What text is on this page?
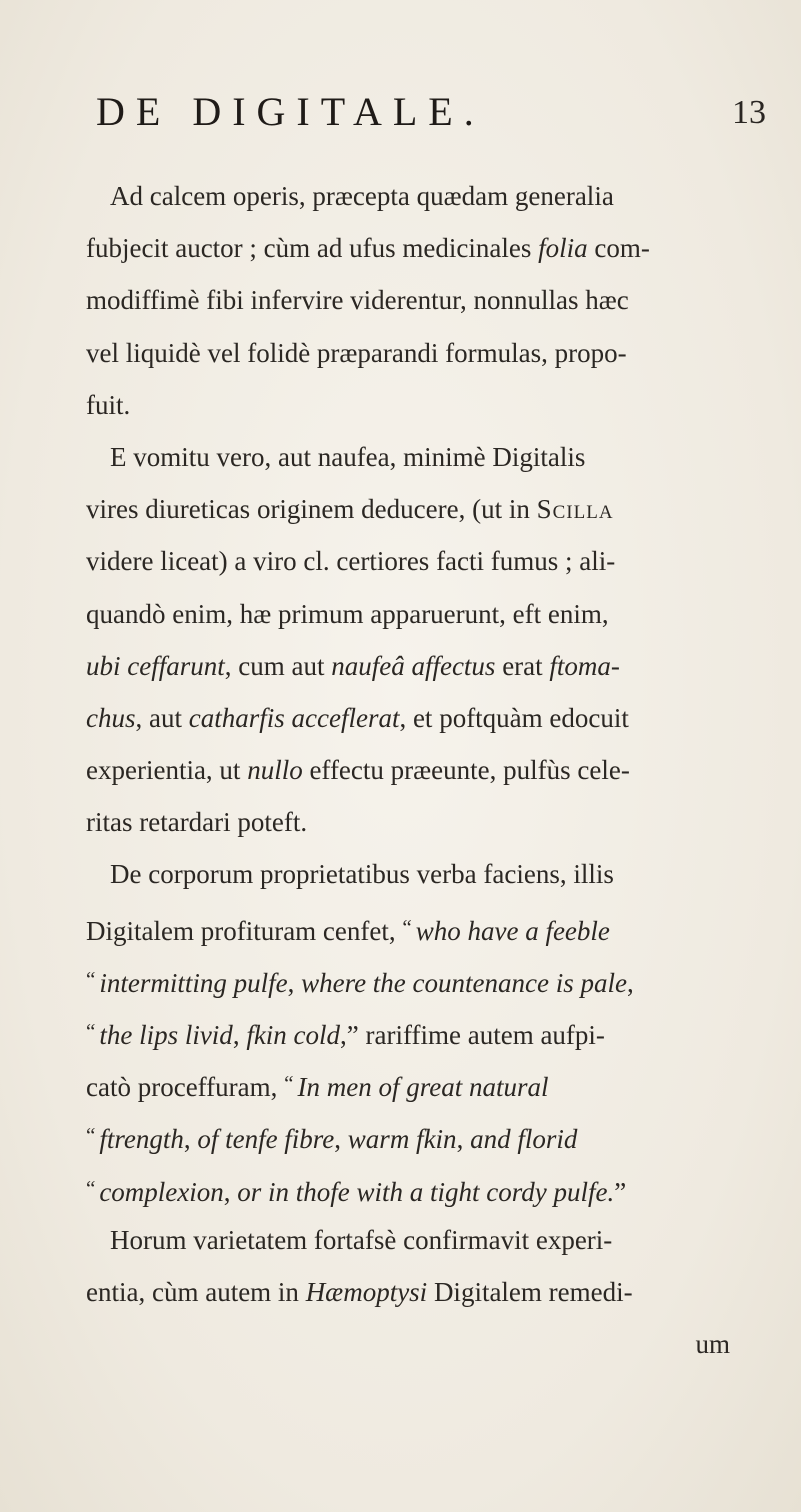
DE DIGITALE.	13
Ad calcem operis, præcepta quædam generalia
fubjecit auctor ; cùm ad ufus medicinales folia com-
modiffimè fibi infervire viderentur, nonnullas hæc
vel liquidè vel folidè præparandi formulas, propo-
fuit.
E vomitu vero, aut naufea, minimè Digitalis
vires diureticas originem deducere, (ut in Scilla
videre liceat) a viro cl. certiores facti fumus ; ali-
quandò enim, hæ primum apparuerunt, eft enim,
ubi ceffarunt, cum aut naufeâ affectus erat ftoma-
chus, aut catharfis acceflerat, et poftquàm edocuit
experientia, ut nullo effectu præeunte, pulfùs cele-
ritas retardari poteft.
De corporum proprietatibus verba faciens, illis
Digitalem profituram cenfet, “ who have a feeble
“ intermitting pulfe, where the countenance is pale,
“ the lips livid, fkin cold,” rariffime autem aufpi-
catò proceffuram, “ In men of great natural
“ ftrength, of tenfe fibre, warm fkin, and florid
“ complexion, or in thofe with a tight cordy pulfe.”
Horum varietatem fortafsè confirmavit experi-
entia, cùm autem in Hæmoptysi Digitalem remedi-
um
